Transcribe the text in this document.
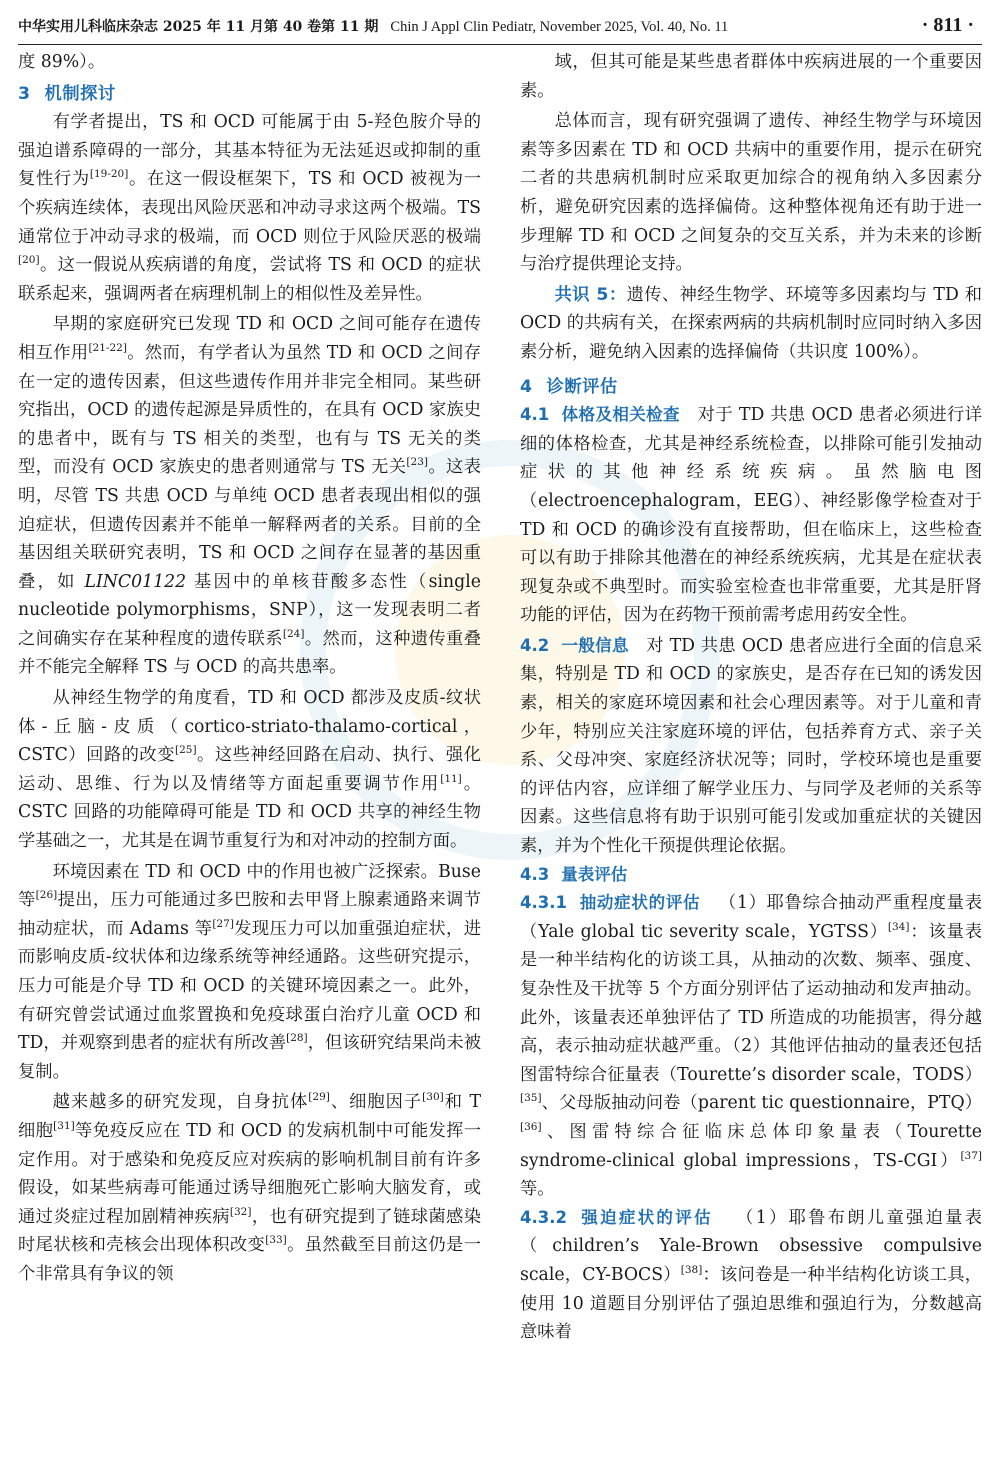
中华实用儿科临床杂志 2025 年 11 月第 40 卷第 11 期 Chin J Appl Clin Pediatr, November 2025, Vol. 40, No. 11	· 811 ·

度 89%）。

3 机制探讨

有学者提出，TS 和 OCD 可能属于由 5-羟色胺介导的强迫谱系障碍的一部分，其基本特征为无法延迟或抑制的重复性行为[19-20]。在这一假设框架下，TS 和 OCD 被视为一个疾病连续体，表现出风险厌恶和冲动寻求这两个极端。TS 通常位于冲动寻求的极端，而 OCD 则位于风险厌恶的极端[20]。这一假说从疾病谱的角度，尝试将 TS 和 OCD 的症状联系起来，强调两者在病理机制上的相似性及差异性。

早期的家庭研究已发现 TD 和 OCD 之间可能存在遗传相互作用[21-22]。然而，有学者认为虽然 TD 和 OCD 之间存在一定的遗传因素，但这些遗传作用并非完全相同。某些研究指出，OCD 的遗传起源是异质性的，在具有 OCD 家族史的患者中，既有与 TS 相关的类型，也有与 TS 无关的类型，而没有 OCD 家族史的患者则通常与 TS 无关[23]。这表明，尽管 TS 共患 OCD 与单纯 OCD 患者表现出相似的强迫症状，但遗传因素并不能单一解释两者的关系。目前的全基因组关联研究表明，TS 和 OCD 之间存在显著的基因重叠，如 LINC01122 基因中的单核苷酸多态性（single nucleotide polymorphisms，SNP），这一发现表明二者之间确实存在某种程度的遗传联系[24]。然而，这种遗传重叠并不能完全解释 TS 与 OCD 的高共患率。

从神经生物学的角度看，TD 和 OCD 都涉及皮质-纹状体-丘脑-皮质（cortico-striato-thalamo-cortical，CSTC）回路的改变[25]。这些神经回路在启动、执行、强化运动、思维、行为以及情绪等方面起重要调节作用[11]。CSTC 回路的功能障碍可能是 TD 和 OCD 共享的神经生物学基础之一，尤其是在调节重复行为和对冲动的控制方面。

环境因素在 TD 和 OCD 中的作用也被广泛探索。Buse 等[26]提出，压力可能通过多巴胺和去甲肾上腺素通路来调节抽动症状，而 Adams 等[27]发现压力可以加重强迫症状，进而影响皮质-纹状体和边缘系统等神经通路。这些研究提示，压力可能是介导 TD 和 OCD 的关键环境因素之一。此外，有研究曾尝试通过血浆置换和免疫球蛋白治疗儿童 OCD 和 TD，并观察到患者的症状有所改善[28]，但该研究结果尚未被复制。

越来越多的研究发现，自身抗体[29]、细胞因子[30]和 T 细胞[31]等免疫反应在 TD 和 OCD 的发病机制中可能发挥一定作用。对于感染和免疫反应对疾病的影响机制目前有许多假设，如某些病毒可能通过诱导细胞死亡影响大脑发育，或通过炎症过程加剧精神疾病[32]，也有研究提到了链球菌感染时尾状核和壳核会出现体积改变[33]。虽然截至目前这仍是一个非常具有争议的领

域，但其可能是某些患者群体中疾病进展的一个重要因素。

总体而言，现有研究强调了遗传、神经生物学与环境因素等多因素在 TD 和 OCD 共病中的重要作用，提示在研究二者的共患病机制时应采取更加综合的视角纳入多因素分析，避免研究因素的选择偏倚。这种整体视角还有助于进一步理解 TD 和 OCD 之间复杂的交互关系，并为未来的诊断与治疗提供理论支持。

共识 5：遗传、神经生物学、环境等多因素均与 TD 和 OCD 的共病有关，在探索两病的共病机制时应同时纳入多因素分析，避免纳入因素的选择偏倚（共识度 100%）。

4 诊断评估

4.1 体格及相关检查 对于 TD 共患 OCD 患者必须进行详细的体格检查，尤其是神经系统检查，以排除可能引发抽动症状的其他神经系统疾病。虽然脑电图（electroencephalogram，EEG）、神经影像学检查对于 TD 和 OCD 的确诊没有直接帮助，但在临床上，这些检查可以有助于排除其他潜在的神经系统疾病，尤其是在症状表现复杂或不典型时。而实验室检查也非常重要，尤其是肝肾功能的评估，因为在药物干预前需考虑用药安全性。

4.2 一般信息 对 TD 共患 OCD 患者应进行全面的信息采集，特别是 TD 和 OCD 的家族史，是否存在已知的诱发因素，相关的家庭环境因素和社会心理因素等。对于儿童和青少年，特别应关注家庭环境的评估，包括养育方式、亲子关系、父母冲突、家庭经济状况等；同时，学校环境也是重要的评估内容，应详细了解学业压力、与同学及老师的关系等因素。这些信息将有助于识别可能引发或加重症状的关键因素，并为个性化干预提供理论依据。

4.3 量表评估

4.3.1 抽动症状的评估 （1）耶鲁综合抽动严重程度量表（Yale global tic severity scale，YGTSS）[34]：该量表是一种半结构化的访谈工具，从抽动的次数、频率、强度、复杂性及干扰等 5 个方面分别评估了运动抽动和发声抽动。此外，该量表还单独评估了 TD 所造成的功能损害，得分越高，表示抽动症状越严重。（2）其他评估抽动的量表还包括图雷特综合征量表（Tourette’s disorder scale，TODS）[35]、父母版抽动问卷（parent tic questionnaire，PTQ）[36]、图雷特综合征临床总体印象量表（Tourette syndrome-clinical global impressions，TS-CGI）[37]等。

4.3.2 强迫症状的评估 （1）耶鲁布朗儿童强迫量表（children’s Yale-Brown obsessive compulsive scale，CY-BOCS）[38]：该问卷是一种半结构化访谈工具，使用 10 道题目分别评估了强迫思维和强迫行为，分数越高意味着
